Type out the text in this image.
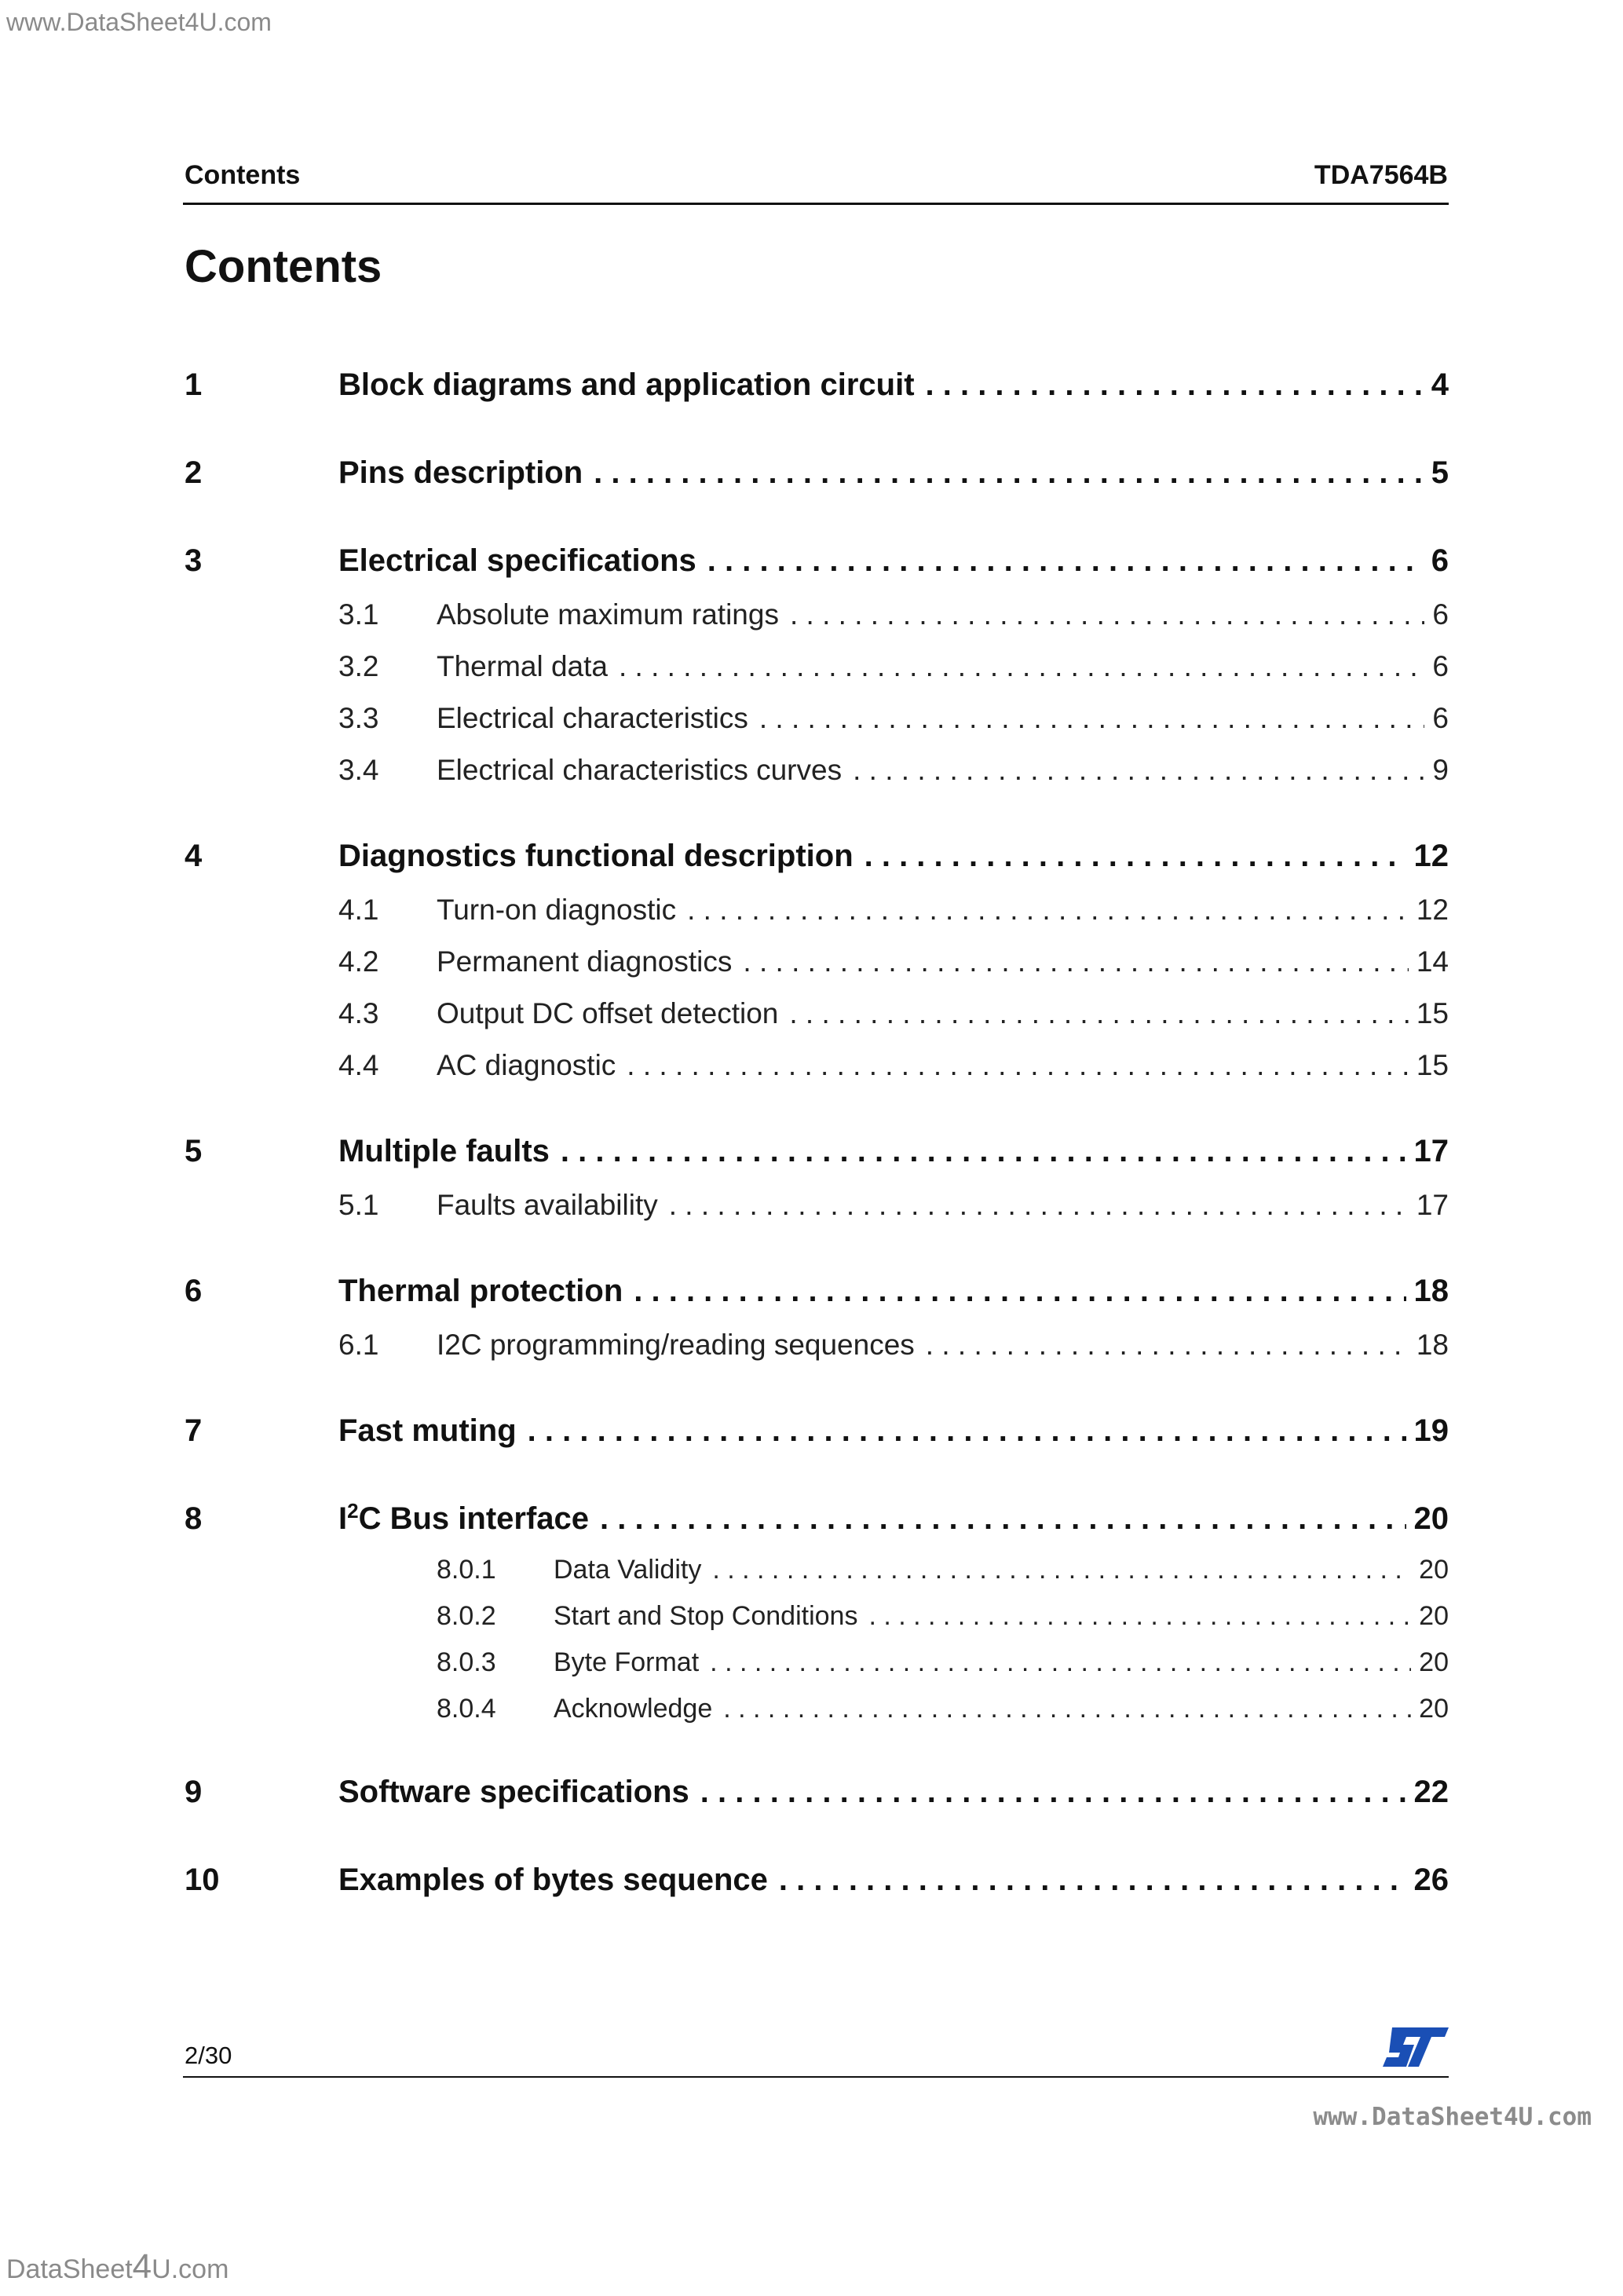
www.DataSheet4U.com
Contents	TDA7564B
Contents
1	Block diagrams and application circuit . . .	4
2	Pins description . . .	5
3	Electrical specifications . . .	6
3.1 Absolute maximum ratings . . .	6
3.2 Thermal data . . .	6
3.3 Electrical characteristics . . .	6
3.4 Electrical characteristics curves . . .	9
4	Diagnostics functional description . . .	12
4.1 Turn-on diagnostic . . .	12
4.2 Permanent diagnostics . . .	14
4.3 Output DC offset detection . . .	15
4.4 AC diagnostic . . .	15
5	Multiple faults . . .	17
5.1 Faults availability . . .	17
6	Thermal protection . . .	18
6.1 I2C programming/reading sequences . . .	18
7	Fast muting . . .	19
8	$I^2C$ Bus interface . . .	20
8.0.1 Data Validity . . .	20
8.0.2 Start and Stop Conditions . . .	20
8.0.3 Byte Format . . .	20
8.0.4 Acknowledge . . .	20
9	Software specifications . . .	22
10	Examples of bytes sequence . . .	26
2/30
www.DataSheet4U.com
DataSheet4U.com
